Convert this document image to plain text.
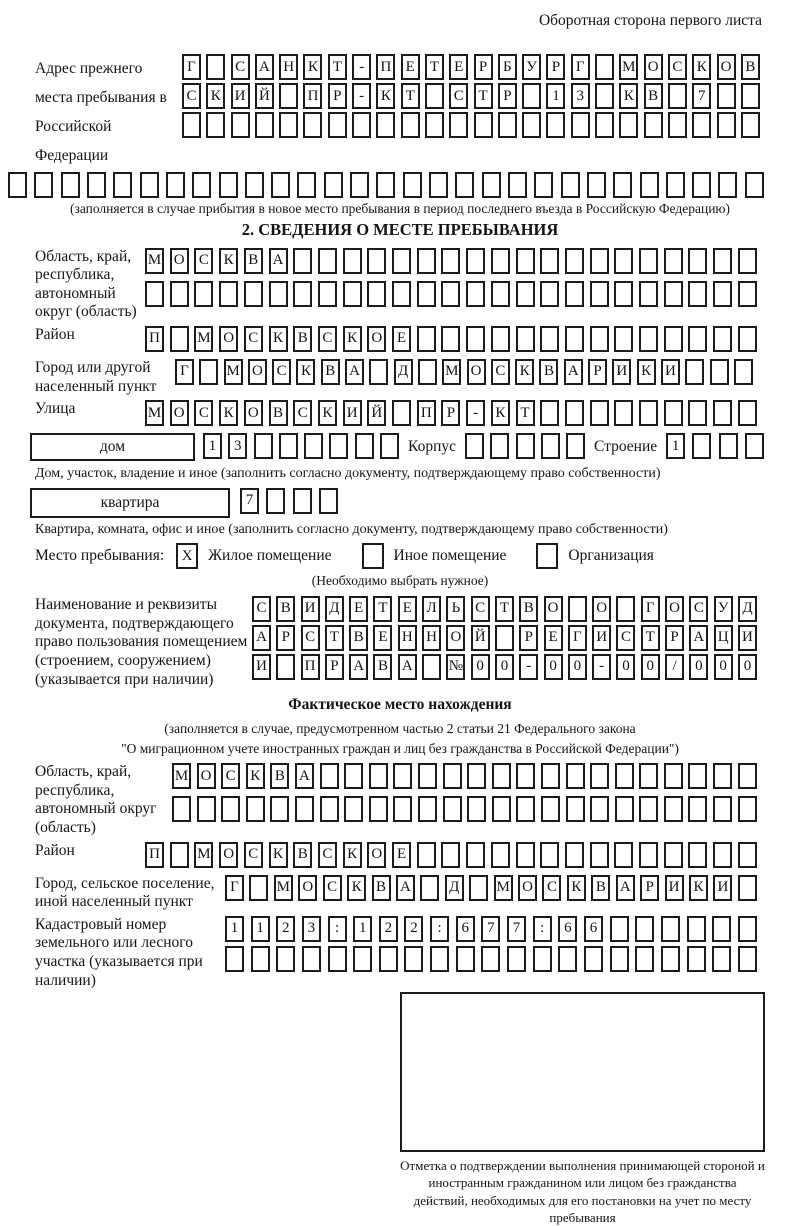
Оборотная сторона первого листа
Адрес прежнего места пребывания в Российской Федерации
Г	С А Н К Т	-	П Е	Т	Е	Р	Б У Р	Г	М О С К О В
С К И Й	П Р	-	К Т	С Т	Р	1	3	К В	7
(заполняется в случае прибытия в новое место пребывания в период последнего въезда в Российскую Федерацию)
2. СВЕДЕНИЯ О МЕСТЕ ПРЕБЫВАНИЯ
Область, край, республика, автономный округ (область)
М О С К В А
Район	П М О С К В С К О Е
Город или другой населенный пункт
Г	М О С К В А	Д М О С К В А Р И К И
Улица	М О С К О В С К И Й	П	Р	-	К	Т
дом	1	3	Корпус	Строение 1
Дом, участок, владение и иное (заполнить согласно документу, подтверждающему право собственности)
квартира	7
Квартира, комната, офис и иное (заполнить согласно документу, подтверждающему право собственности)
Место пребывания:	X	Жилое помещение	Иное помещение	Организация
(Необходимо выбрать нужное)
Наименование и реквизиты документа, подтверждающего право пользования помещением (строением, сооружением) (указывается при наличии)
С В И Д Е	Т	Е Л Ь С Т В О	О	Г О С У Д
А Р	С Т В Е Н Н О Й	Р	Е	Г И С Т	Р А Ц И
И	П Р А В А № 0	0	-	0	0	-	0	0	/	0	0	0
Фактическое место нахождения
(заполняется в случае, предусмотренном частью 2 статьи 21 Федерального закона
"О миграционном учете иностранных граждан и лиц без гражданства в Российской Федерации")
Область, край, республика, автономный округ (область)
М О С К В А
Район	П М О С К В С К О Е
Город, сельское поселение, иной населенный пункт
Г	М О С К В А	Д М О С К В А Р И К И
Кадастровый номер земельного или лесного участка (указывается при наличии)
1	1	2	3	:	1	2	2	:	6	7	7	:	6	6
Отметка о подтверждении выполнения принимающей стороной и иностранным гражданином или лицом без гражданства действий, необходимых для его постановки на учет по месту пребывания
